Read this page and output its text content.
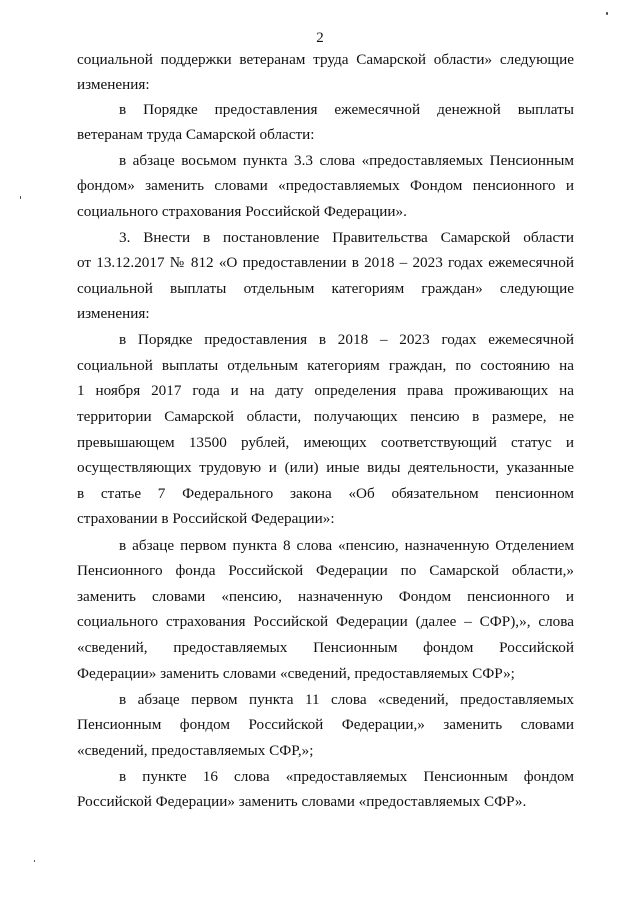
2

социальной поддержки ветеранам труда Самарской области» следующие

изменения:

в Порядке предоставления ежемесячной денежной выплаты

ветеранам труда Самарской области:

в абзаце восьмом пункта 3.3 слова «предоставляемых Пенсионным

фондом» заменить словами «предоставляемых Фондом пенсионного и

социального страхования Российской Федерации».

3. Внести в постановление Правительства Самарской области

от 13.12.2017 № 812 «О предоставлении в 2018 – 2023 годах ежемесячной

социальной выплаты отдельным категориям граждан» следующие

изменения:

в Порядке предоставления в 2018 – 2023 годах ежемесячной

социальной выплаты отдельным категориям граждан, по состоянию на

1 ноября 2017 года и на дату определения права проживающих на

территории Самарской области, получающих пенсию в размере, не

превышающем 13500 рублей, имеющих соответствующий статус и

осуществляющих трудовую и (или) иные виды деятельности, указанные

в статье 7 Федерального закона «Об обязательном пенсионном

страховании в Российской Федерации»:

в абзаце первом пункта 8 слова «пенсию, назначенную Отделением

Пенсионного фонда Российской Федерации по Самарской области,»

заменить словами «пенсию, назначенную Фондом пенсионного и

социального страхования Российской Федерации (далее – СФР),», слова

«сведений, предоставляемых Пенсионным фондом Российской

Федерации» заменить словами «сведений, предоставляемых СФР»;

в абзаце первом пункта 11 слова «сведений, предоставляемых

Пенсионным фондом Российской Федерации,» заменить словами

«сведений, предоставляемых СФР,»;

в пункте 16 слова «предоставляемых Пенсионным фондом

Российской Федерации» заменить словами «предоставляемых СФР».
